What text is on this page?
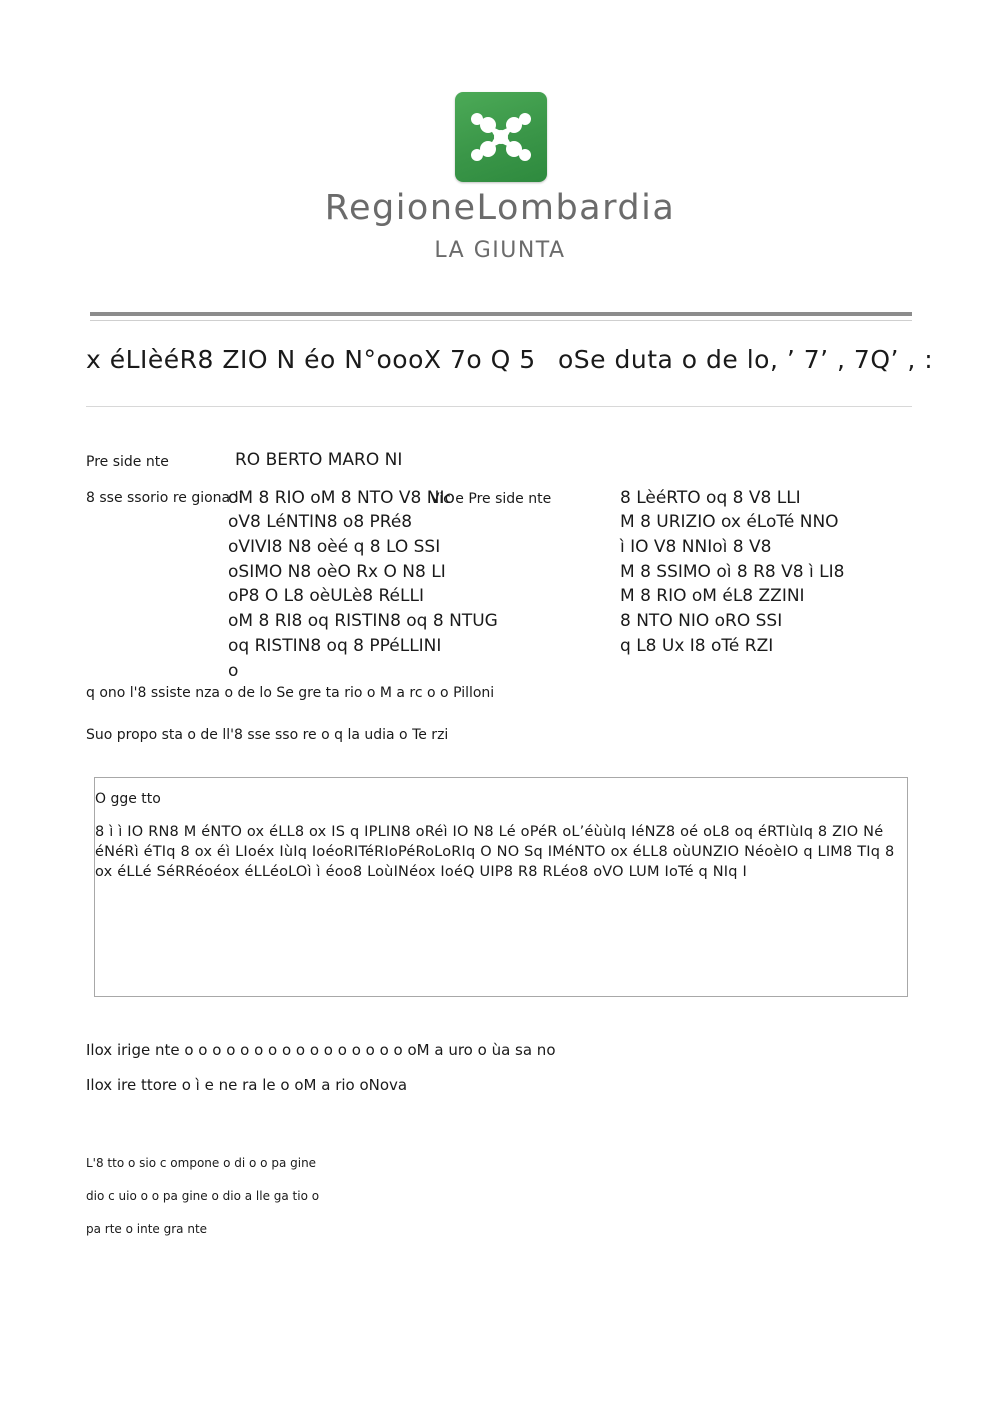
RegioneLombardia
LA GIUNTA
x éLIèéR8 ZIO N éo N°oooX 7o Q 5 oSe duta o de lo, ’ 7’ , 7Q’ , :
Pre side nte	RO BERTO MARO NI
8 sse ssorio re giona li
oM 8 RIO oM 8 NTO V8 NIo
Vic e Pre side nte
oV8 LéNTIN8 o8 PRé8
oVIVI8 N8 oèé q 8 LO SSI
oSIMO N8 oèO Rx O N8 LI
oP8 O L8 oèULè8 RéLLI
oM 8 RI8 oq RISTIN8 oq 8 NTUG
oq RISTIN8 oq 8 PPéLLINI
o
8 LèéRTO oq 8 V8 LLI
M 8 URIZIO ox éLoTé NNO
ì IO V8 NNIoì 8 V8
M 8 SSIMO oì 8 R8 V8 ì LI8
M 8 RIO oM éL8 ZZINI
8 NTO NIO oRO SSI
q L8 Ux I8 oTé RZI
q ono l'8 ssiste nza o de lo Se gre ta rio o M a rc o o Pilloni
Suo propo sta o de ll'8 sse sso re o q la udia o Te rzi
O gge tto
8 ì ì IO RN8 M éNTO ox éLL8 ox IS q IPLIN8 oRéì IO N8 Lé oPéR oL’éùùIq IéNZ8 oé oL8 oq éRTIùIq 8 ZIO Né éNéRì éTIq 8 ox éì LIoéx IùIq IoéoRITéRIoPéRoLoRIq O NO Sq IMéNTO ox éLL8 oùUNZIO NéoèIO q LIM8 TIq 8 ox éLLé SéRRéoéox éLLéoLOì ì éoo8 LoùINéox IoéQ UIP8 R8 RLéo8 oVO LUM IoTé q NIq I
Ilox irige nte o o o o o o o o o o o o o o o o oM a uro o ùa sa no
Ilox ire ttore o ì e ne ra le o oM a rio oNova
L'8 tto o sio c ompone o di o o pa gine
dio c uio o o pa gine o dio a lle ga tio o
pa rte o inte gra nte
